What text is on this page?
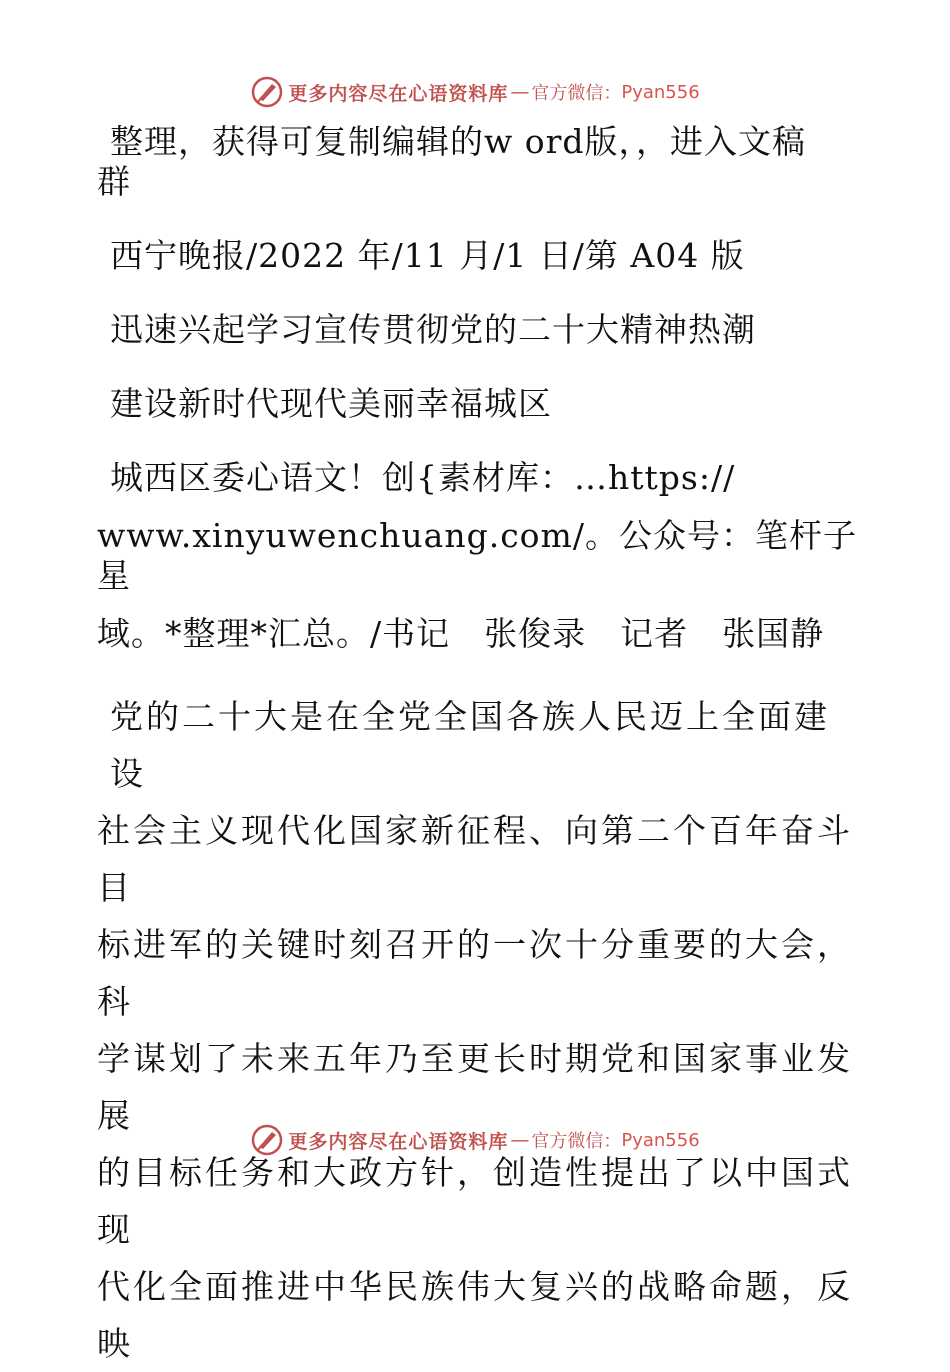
更多内容尽在心语资料库 — 官方微信： Pyan556

整理，获得可复制编辑的w ord版，，进入文稿

群

西宁晚报/2022 年/11 月/1 日/第 A04 版

迅速兴起学习宣传贯彻党的二十大精神热潮

建设新时代现代美丽幸福城区

城西区委心语文！创{素材库：…https://

www.xinyuwenchuang.com/。公众号：笔杆子星

域。*整理*汇总。/书记　张俊录　记者　张国静

党的二十大是在全党全国各族人民迈上全面建设

社会主义现代化国家新征程、向第二个百年奋斗目

标进军的关键时刻召开的一次十分重要的大会，科

学谋划了未来五年乃至更长时期党和国家事业发展

的目标任务和大政方针，创造性提出了以中国式现

代化全面推进中华民族伟大复兴的战略命题，反映

更多内容尽在心语资料库 — 官方微信： Pyan556
